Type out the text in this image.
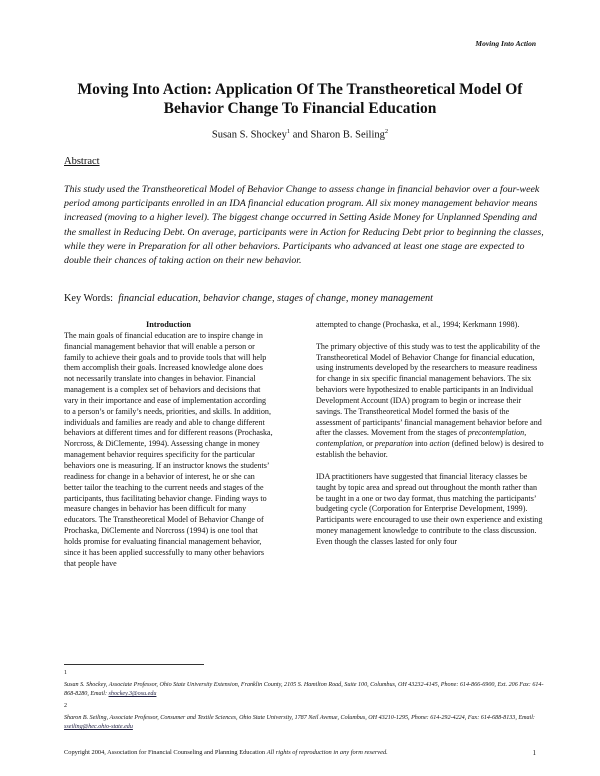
Moving Into Action
Moving Into Action: Application Of The Transtheoretical Model Of
Behavior Change To Financial Education
Susan S. Shockey$^1$ and Sharon B. Seiling$^2$
Abstract
This study used the Transtheoretical Model of Behavior Change to assess change in financial behavior over a four-week period among participants enrolled in an IDA financial education program. All six money management behavior means increased (moving to a higher level). The biggest change occurred in Setting Aside Money for Unplanned Spending and the smallest in Reducing Debt. On average, participants were in Action for Reducing Debt prior to beginning the classes, while they were in Preparation for all other behaviors. Participants who advanced at least one stage are expected to double their chances of taking action on their new behavior.
Key Words: financial education, behavior change, stages of change, money management

Introduction

The main goals of financial education are to inspire change in financial management behavior that will enable a person or family to achieve their goals and to provide tools that will help them accomplish their goals. Increased knowledge alone does not necessarily translate into changes in behavior. Financial management is a complex set of behaviors and decisions that vary in their importance and ease of implementation according to a person’s or family’s needs, priorities, and skills. In addition, individuals and families are ready and able to change different behaviors at different times and for different reasons (Prochaska, Norcross, & DiClemente, 1994). Assessing change in money management behavior requires specificity for the particular behaviors one is measuring. If an instructor knows the students’ readiness for change in a behavior of interest, he or she can better tailor the teaching to the current needs and stages of the participants, thus facilitating behavior change. Finding ways to measure changes in behavior has been difficult for many educators. The Transtheoretical Model of Behavior Change of Prochaska, DiClemente and Norcross (1994) is one tool that holds promise for evaluating financial management behavior, since it has been applied successfully to many other behaviors that people have

attempted to change (Prochaska, et al., 1994; Kerkmann 1998).

The primary objective of this study was to test the applicability of the Transtheoretical Model of Behavior Change for financial education, using instruments developed by the researchers to measure readiness for change in six specific financial management behaviors. The six behaviors were hypothesized to enable participants in an Individual Development Account (IDA) program to begin or increase their savings. The Transtheoretical Model formed the basis of the assessment of participants’ financial management behavior before and after the classes. Movement from the stages of precontemplation, contemplation, or preparation into action (defined below) is desired to establish the behavior.

IDA practitioners have suggested that financial literacy classes be taught by topic area and spread out throughout the month rather than be taught in a one or two day format, thus matching the participants’ budgeting cycle (Corporation for Enterprise Development, 1999). Participants were encouraged to use their own experience and existing money management knowledge to contribute to the class discussion. Even though the classes lasted for only four

$^1$
Susan S. Shockey, Associate Professor, Ohio State University Extension, Franklin County, 2105 S. Hamilton Road, Suite 100, Columbus, OH 43232-4145, Phone: 614-866-6900, Ext. 206 Fax: 614-868-8280, Email: shockey.3@osu.edu
$^2$
Sharon B. Seiling, Associate Professor, Consumer and Textile Sciences, Ohio State University, 1787 Neil Avenue, Columbus, OH 43210-1295, Phone: 614-292-4224, Fax: 614-688-8133, Email: sseiling@hec.ohio-state.edu
Copyright 2004, Association for Financial Counseling and Planning Education All rights of reproduction in any form reserved.	1
